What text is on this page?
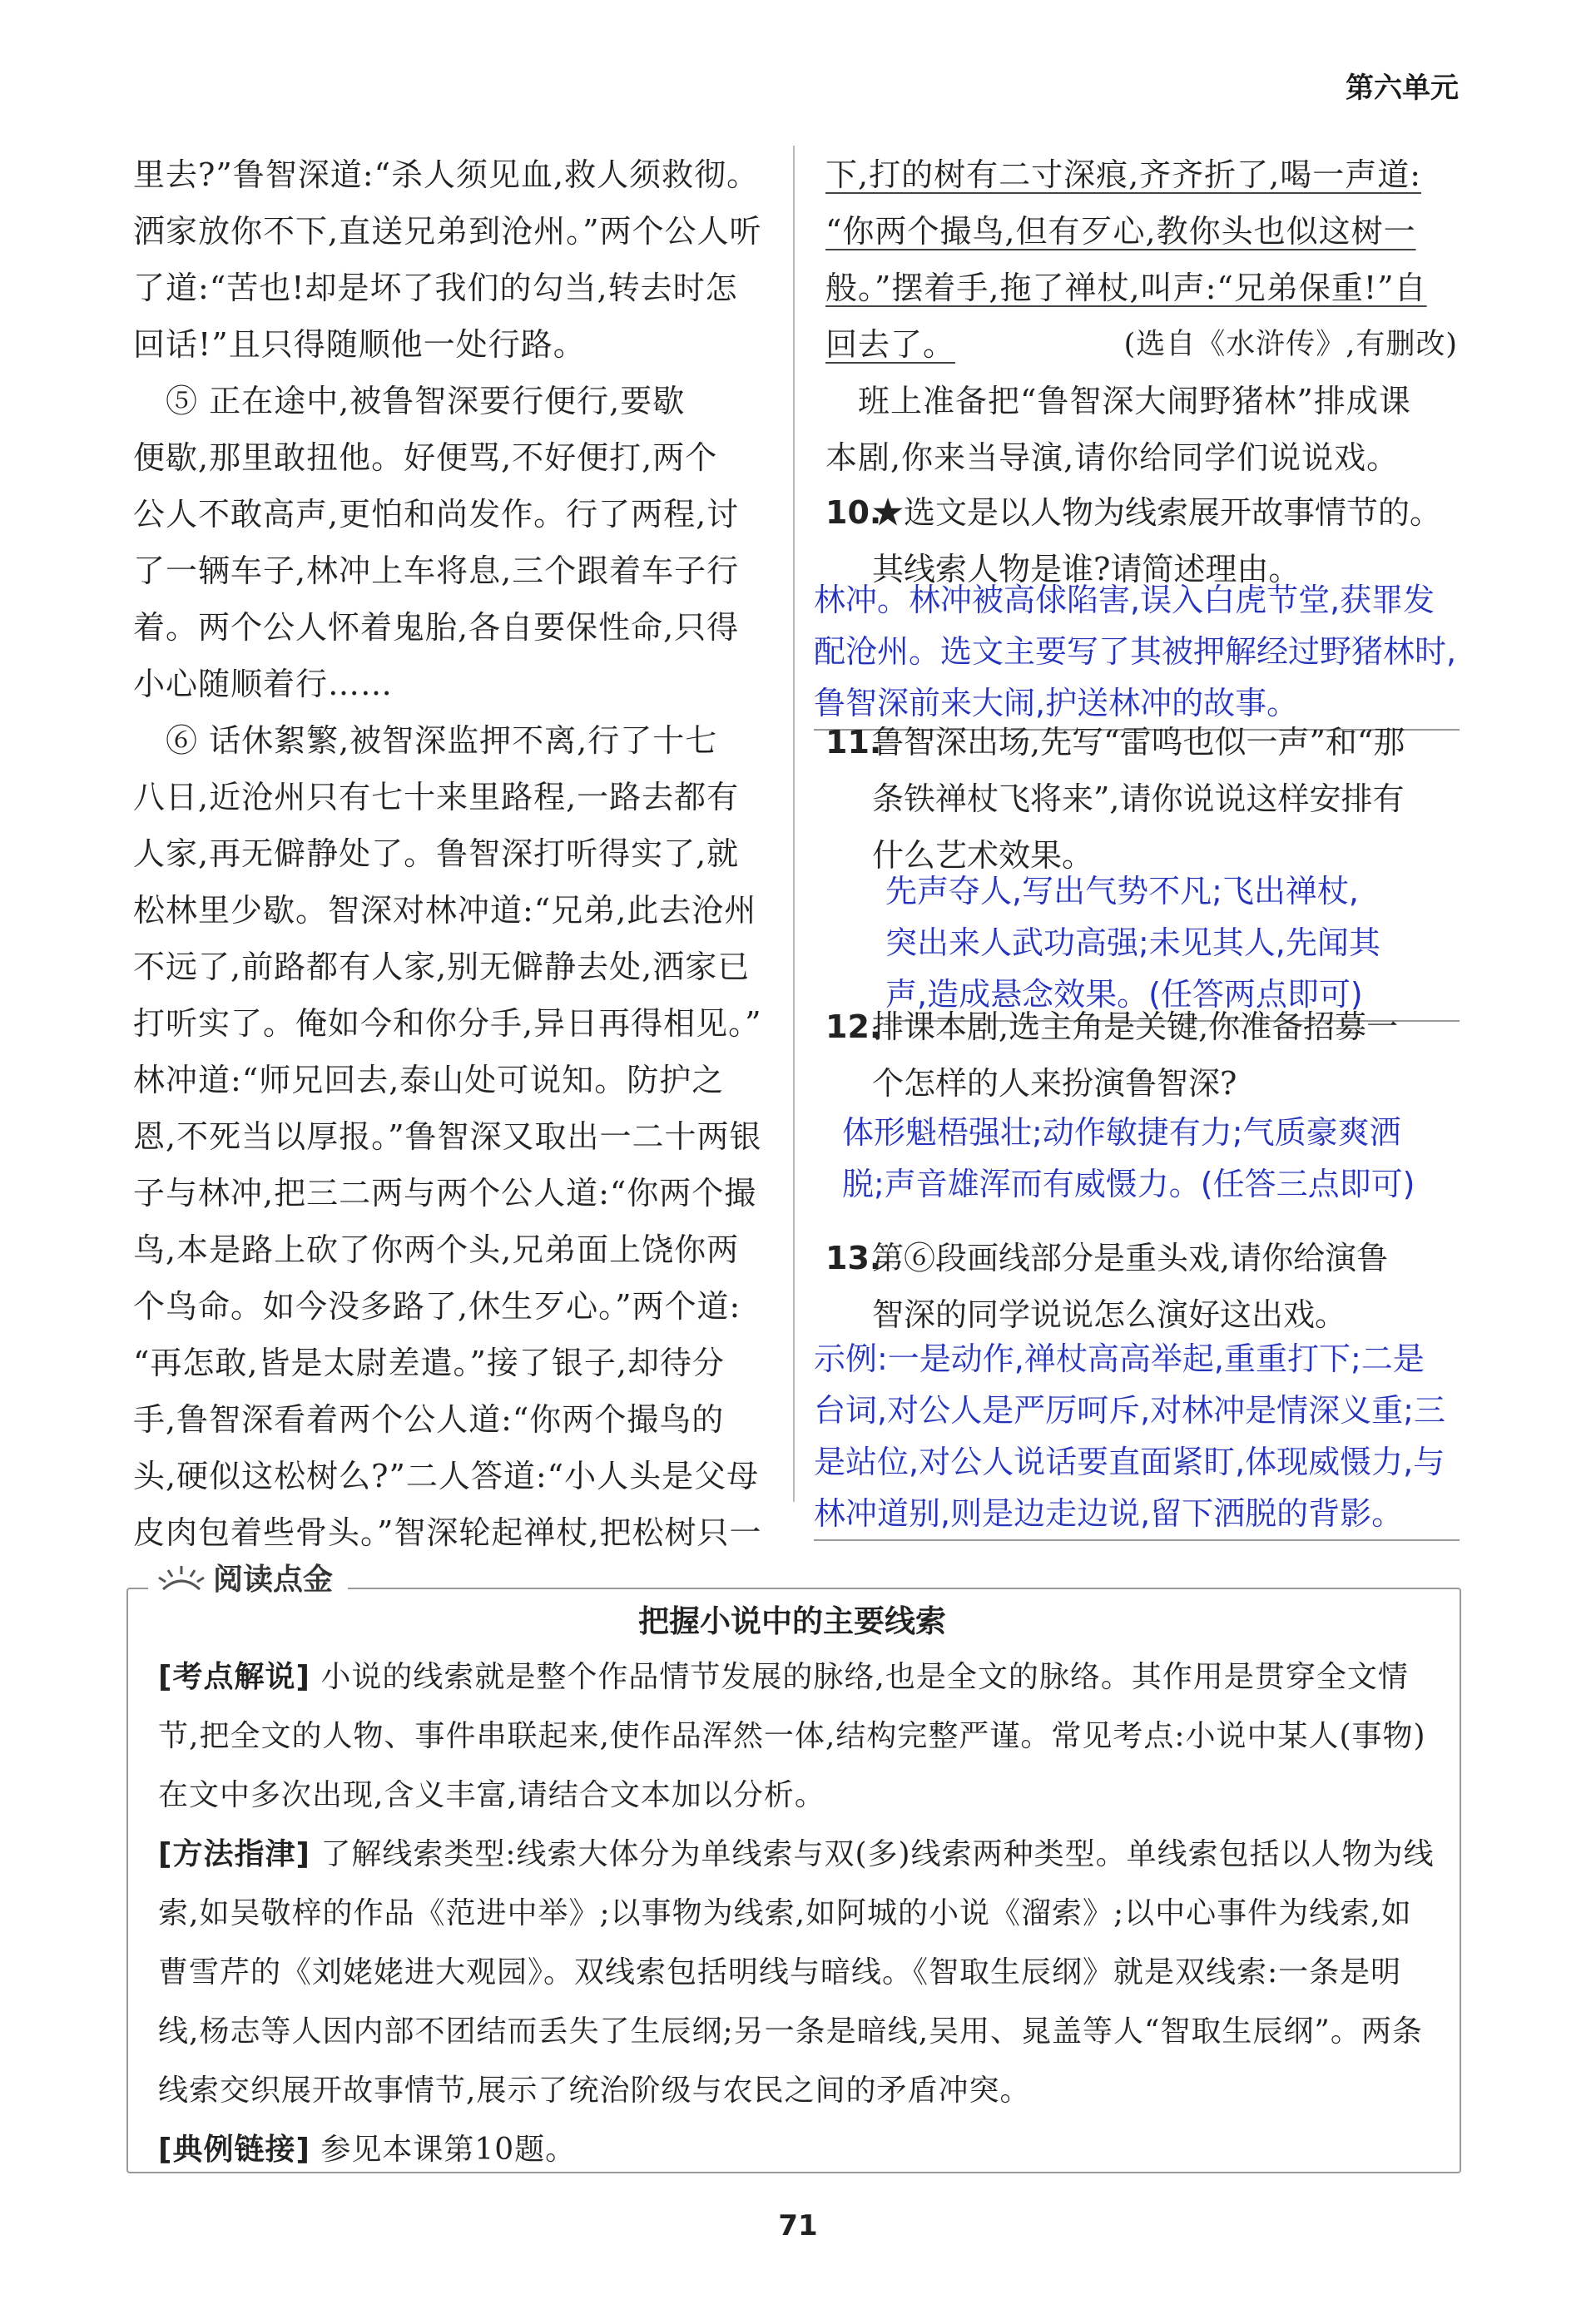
第六单元

里去?”鲁智深道:“杀人须见血,救人须救彻。

洒家放你不下,直送兄弟到沧州。”两个公人听

了道:“苦也!却是坏了我们的勾当,转去时怎

回话!”且只得随顺他一处行路。

　⑤ 正在途中,被鲁智深要行便行,要歇

便歇,那里敢扭他。好便骂,不好便打,两个

公人不敢高声,更怕和尚发作。行了两程,讨

了一辆车子,林冲上车将息,三个跟着车子行

着。两个公人怀着鬼胎,各自要保性命,只得

小心随顺着行……

　⑥ 话休絮繁,被智深监押不离,行了十七

八日,近沧州只有七十来里路程,一路去都有

人家,再无僻静处了。鲁智深打听得实了,就

松林里少歇。智深对林冲道:“兄弟,此去沧州

不远了,前路都有人家,别无僻静去处,洒家已

打听实了。俺如今和你分手,异日再得相见。”

林冲道:“师兄回去,泰山处可说知。防护之

恩,不死当以厚报。”鲁智深又取出一二十两银

子与林冲,把三二两与两个公人道:“你两个撮

鸟,本是路上砍了你两个头,兄弟面上饶你两

个鸟命。如今没多路了,休生歹心。”两个道:

“再怎敢,皆是太尉差遣。”接了银子,却待分

手,鲁智深看着两个公人道:“你两个撮鸟的

头,硬似这松树么?”二人答道:“小人头是父母

皮肉包着些骨头。”智深轮起禅杖,把松树只一

下,打的树有二寸深痕,齐齐折了,喝一声道:

“你两个撮鸟,但有歹心,教你头也似这树一

般。”摆着手,拖了禅杖,叫声:“兄弟保重!”自

回去了。	(选自《水浒传》,有删改)

　班上准备把“鲁智深大闹野猪林”排成课

本剧,你来当导演,请你给同学们说说戏。

10.★选文是以人物为线索展开故事情节的。
其线索人物是谁?请简述理由。
林冲。林冲被高俅陷害,误入白虎节堂,获罪发
配沧州。选文主要写了其被押解经过野猪林时,
鲁智深前来大闹,护送林冲的故事。
11.鲁智深出场,先写“雷鸣也似一声”和“那
条铁禅杖飞将来”,请你说说这样安排有
什么艺术效果。
先声夺人,写出气势不凡;飞出禅杖,
突出来人武功高强;未见其人,先闻其
声,造成悬念效果。(任答两点即可)
12.排课本剧,选主角是关键,你准备招募一
个怎样的人来扮演鲁智深?
体形魁梧强壮;动作敏捷有力;气质豪爽洒
脱;声音雄浑而有威慑力。(任答三点即可)
13.第⑥段画线部分是重头戏,请你给演鲁
智深的同学说说怎么演好这出戏。
示例:一是动作,禅杖高高举起,重重打下;二是
台词,对公人是严厉呵斥,对林冲是情深义重;三
是站位,对公人说话要直面紧盯,体现威慑力,与
林冲道别,则是边走边说,留下洒脱的背影。
阅读点金
把握小说中的主要线索

[考点解说] 小说的线索就是整个作品情节发展的脉络,也是全文的脉络。其作用是贯穿全文情节,把全文的人物、事件串联起来,使作品浑然一体,结构完整严谨。常见考点:小说中某人(事物)在文中多次出现,含义丰富,请结合文本加以分析。

[方法指津] 了解线索类型:线索大体分为单线索与双(多)线索两种类型。单线索包括以人物为线索,如吴敬梓的作品《范进中举》;以事物为线索,如阿城的小说《溜索》;以中心事件为线索,如曹雪芹的《刘姥姥进大观园》。双线索包括明线与暗线。《智取生辰纲》就是双线索:一条是明线,杨志等人因内部不团结而丢失了生辰纲;另一条是暗线,吴用、晁盖等人“智取生辰纲”。两条线索交织展开故事情节,展示了统治阶级与农民之间的矛盾冲突。

[典例链接] 参见本课第10题。

71
